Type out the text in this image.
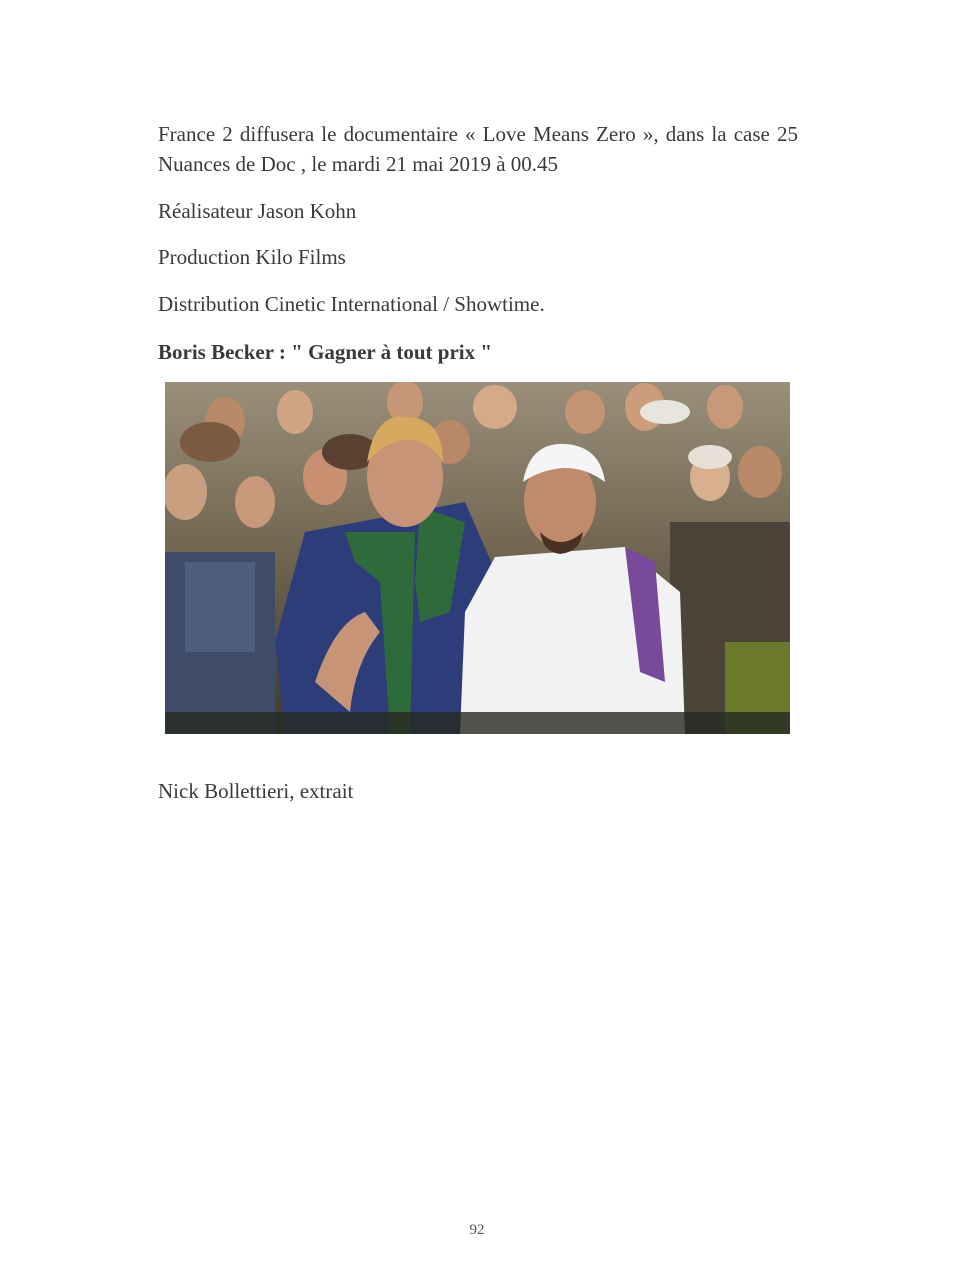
France 2 diffusera le documentaire « Love Means Zero », dans la case 25 Nuances de Doc , le mardi 21 mai 2019 à 00.45

Réalisateur Jason Kohn

Production Kilo Films

Distribution Cinetic International / Showtime.

Boris Becker : " Gagner à tout prix "

Nick Bollettieri, extrait

92
